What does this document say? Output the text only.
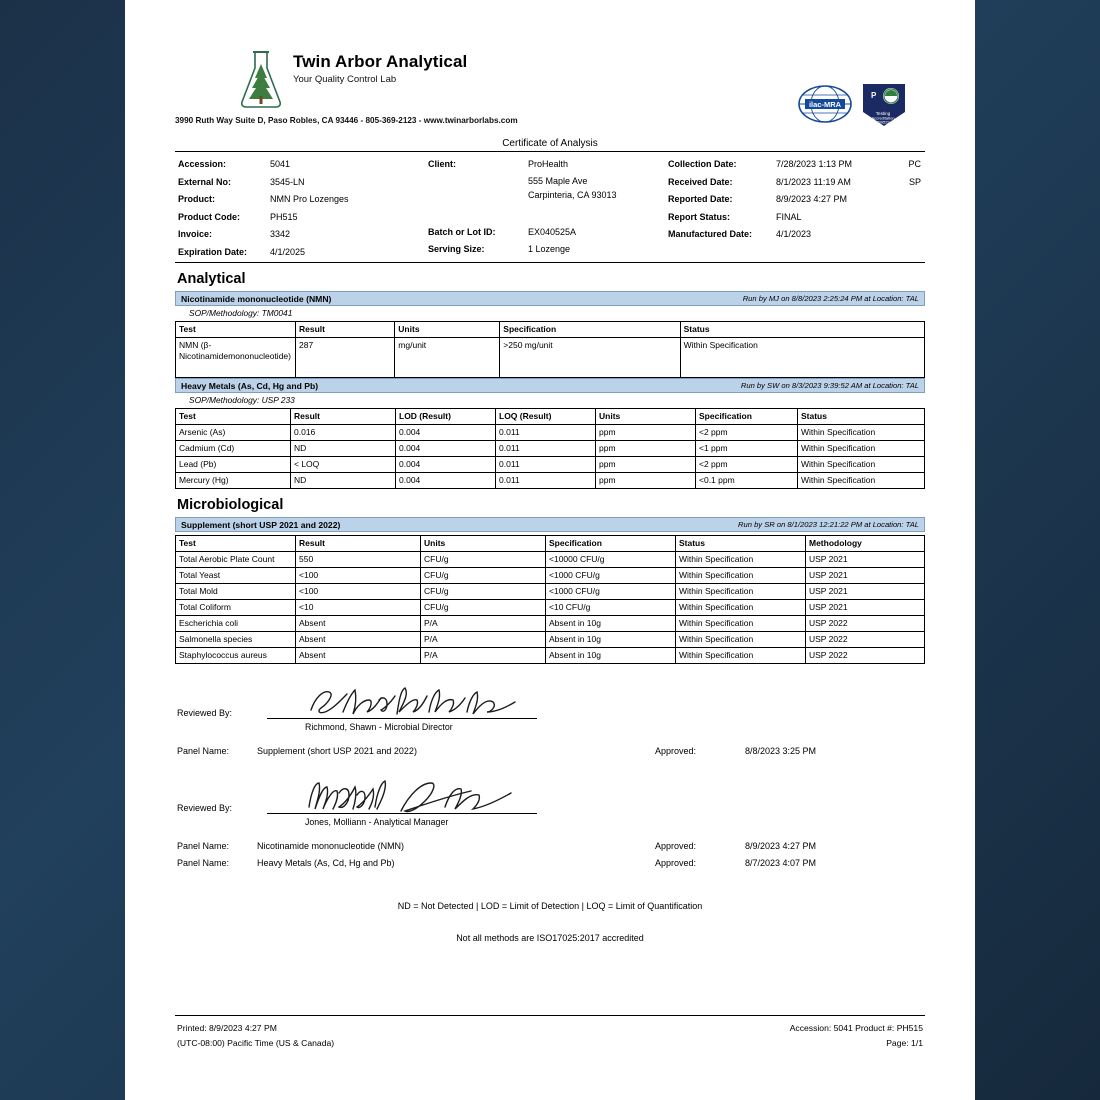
Twin Arbor Analytical
Your Quality Control Lab
ilac-MRA
P
Testing
Accreditation
#99523
3990 Ruth Way Suite D, Paso Robles, CA 93446 - 805-369-2123 - www.twinarborlabs.com
Certificate of Analysis
Accession:	5041
External No:	3545-LN
Product:	NMN Pro Lozenges
Product Code:	PH515
Invoice:	3342
Expiration Date:	4/1/2025
Client:	ProHealth
555 Maple Ave
Carpinteria, CA 93013
Batch or Lot ID:	EX040525A
Serving Size:	1 Lozenge
Collection Date:	7/28/2023 1:13 PM	PC
Received Date:	8/1/2023 11:19 AM	SP
Reported Date:	8/9/2023 4:27 PM
Report Status:	FINAL
Manufactured Date:	4/1/2023
Analytical
Nicotinamide mononucleotide (NMN)	Run by MJ on 8/8/2023 2:25:24 PM at Location: TAL
SOP/Methodology: TM0041
Test	Result	Units	Specification	Status
NMN (β-Nicotinamidemononucleotide)	287	mg/unit	>250 mg/unit	Within Specification
Heavy Metals (As, Cd, Hg and Pb)	Run by SW on 8/3/2023 9:39:52 AM at Location: TAL
SOP/Methodology: USP 233
Test	Result	LOD (Result)	LOQ (Result)	Units	Specification	Status
Arsenic (As)	0.016	0.004	0.011	ppm	<2 ppm	Within Specification
Cadmium (Cd)	ND	0.004	0.011	ppm	<1 ppm	Within Specification
Lead (Pb)	< LOQ	0.004	0.011	ppm	<2 ppm	Within Specification
Mercury (Hg)	ND	0.004	0.011	ppm	<0.1 ppm	Within Specification
Microbiological
Supplement (short USP 2021 and 2022)	Run by SR on 8/1/2023 12:21:22 PM at Location: TAL
Test	Result	Units	Specification	Status	Methodology
Total Aerobic Plate Count	550	CFU/g	<10000 CFU/g	Within Specification	USP 2021
Total Yeast	<100	CFU/g	<1000 CFU/g	Within Specification	USP 2021
Total Mold	<100	CFU/g	<1000 CFU/g	Within Specification	USP 2021
Total Coliform	<10	CFU/g	<10 CFU/g	Within Specification	USP 2021
Escherichia coli	Absent	P/A	Absent in 10g	Within Specification	USP 2022
Salmonella species	Absent	P/A	Absent in 10g	Within Specification	USP 2022
Staphylococcus aureus	Absent	P/A	Absent in 10g	Within Specification	USP 2022
Reviewed By:
Richmond, Shawn - Microbial Director
Panel Name:	Supplement (short USP 2021 and 2022)	Approved:	8/8/2023 3:25 PM
Reviewed By:
Jones, Molliann - Analytical Manager
Panel Name:	Nicotinamide mononucleotide (NMN)	Approved:	8/9/2023 4:27 PM
Panel Name:	Heavy Metals (As, Cd, Hg and Pb)	Approved:	8/7/2023 4:07 PM
ND = Not Detected | LOD = Limit of Detection | LOQ = Limit of Quantification
Not all methods are ISO17025:2017 accredited
Printed: 8/9/2023 4:27 PM
(UTC-08:00) Pacific Time (US & Canada)
Accession: 5041 Product #: PH515
Page: 1/1
